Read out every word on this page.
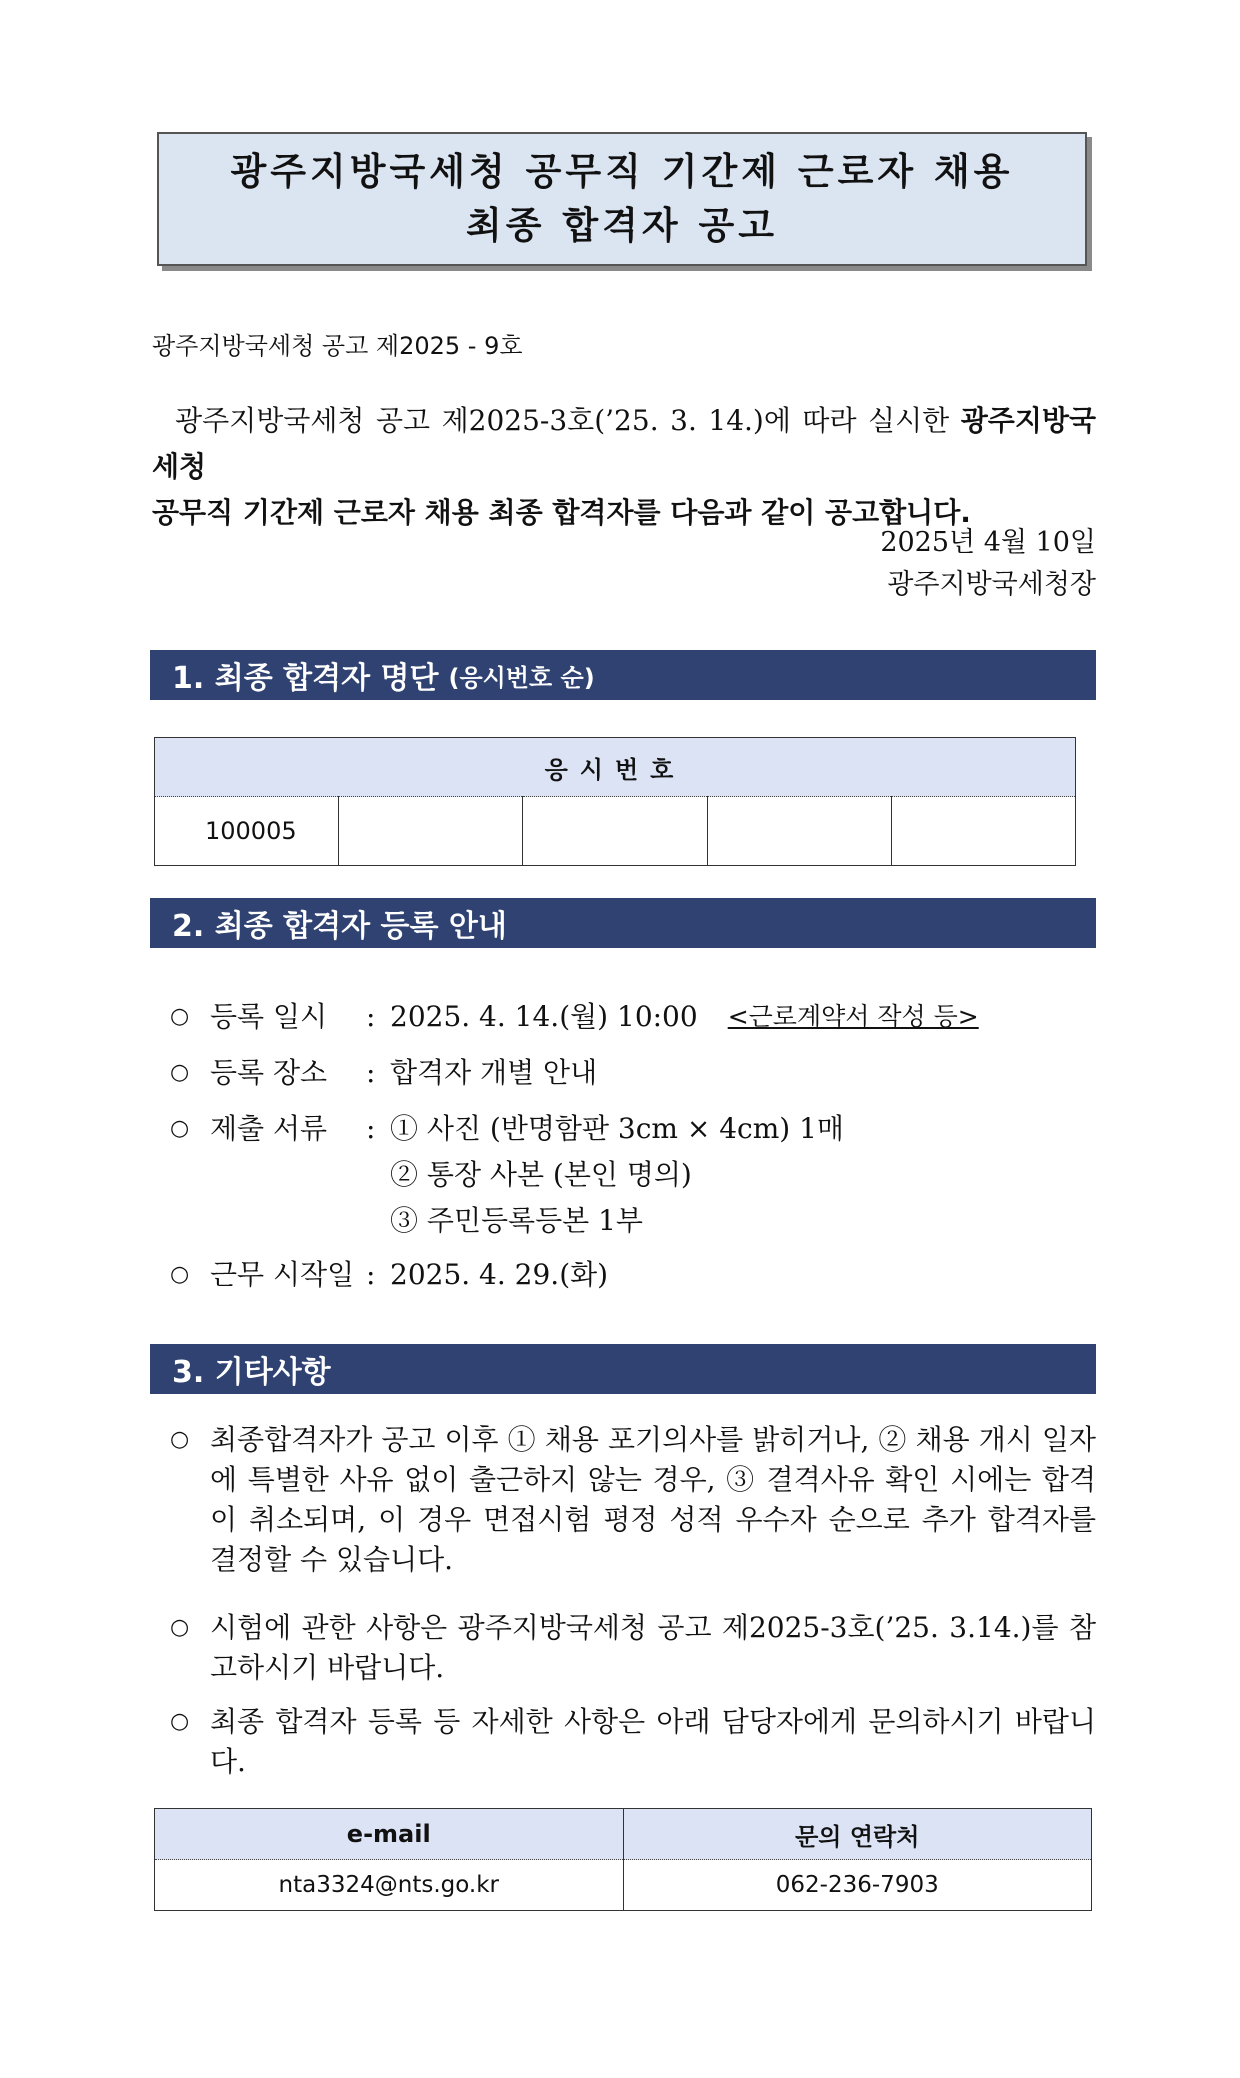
광주지방국세청 공무직 기간제 근로자 채용
최종 합격자 공고
광주지방국세청 공고 제2025 - 9호

광주지방국세청 공고 제2025-3호(’25. 3. 14.)에 따라 실시한 광주지방국세청

공무직 기간제 근로자 채용 최종 합격자를 다음과 같이 공고합니다.

2025년 4월 10일
광주지방국세청장
1. 최종 합격자 명단 (응시번호 순)
응시번호
100005				
2. 최종 합격자 등록 안내
○ 등록 일시	: 2025. 4. 14.(월) 10:00 <근로계약서 작성 등>
○ 등록 장소	: 합격자 개별 안내
○ 제출 서류	: ① 사진 (반명함판 3cm × 4cm) 1매
② 통장 사본 (본인 명의)
③ 주민등록등본 1부
○ 근무 시작일 : 2025. 4. 29.(화)
3. 기타사항
○ 최종합격자가 공고 이후 ① 채용 포기의사를 밝히거나, ② 채용 개시 일자에 특별한 사유 없이 출근하지 않는 경우, ③ 결격사유 확인 시에는 합격이 취소되며, 이 경우 면접시험 평정 성적 우수자 순으로 추가 합격자를 결정할 수 있습니다.
○ 시험에 관한 사항은 광주지방국세청 공고 제2025-3호(’25. 3.14.)를 참고하시기 바랍니다.
○ 최종 합격자 등록 등 자세한 사항은 아래 담당자에게 문의하시기 바랍니다.
e-mail	문의 연락처
nta3324@nts.go.kr	062-236-7903
